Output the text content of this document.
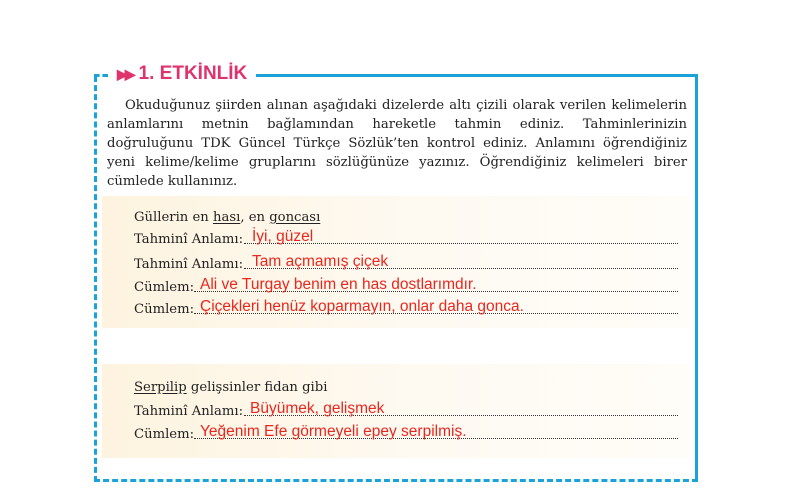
▶▶ 1. ETKİNLİK
Okuduğunuz şiirden alınan aşağıdaki dizelerde altı çizili olarak verilen kelimelerin anlamlarını metnin bağlamından hareketle tahmin ediniz. Tahminlerinizin doğruluğunu TDK Güncel Türkçe Sözlük’ten kontrol ediniz. Anlamını öğrendiğiniz yeni kelime/kelime gruplarını sözlüğünüze yazınız. Öğrendiğiniz kelimeleri birer cümlede kullanınız.
Güllerin en hası, en goncası
Tahminî Anlamı: İyi, güzel
Tahminî Anlamı: Tam açmamış çiçek
Cümlem: Ali ve Turgay benim en has dostlarımdır.
Cümlem: Çiçekleri henüz koparmayın, onlar daha gonca.
Serpilip gelişsinler fidan gibi
Tahminî Anlamı: Büyümek, gelişmek
Cümlem: Yeğenim Efe görmeyeli epey serpilmiş.
